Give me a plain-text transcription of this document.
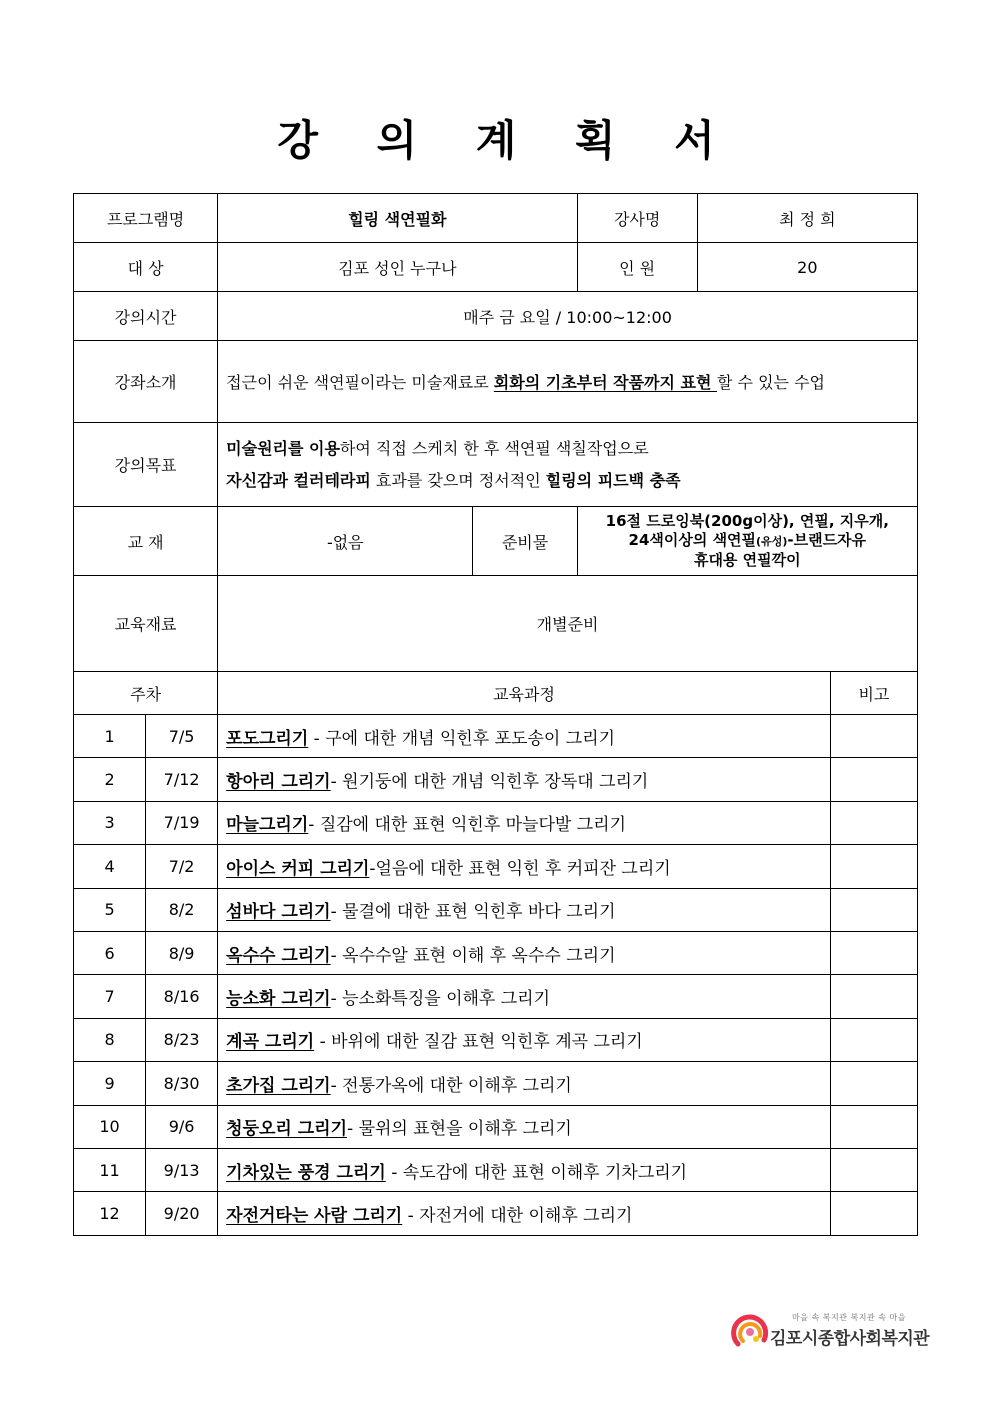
강 의 계 획 서
프로그램명		힐링 색연필화		강사명	최 정 희	
대 상		김포 성인 누구나		인 원	20	
강의시간		매주 금 요일 / 10:00~12:00				
강좌소개		접근이 쉬운 색연필이라는 미술재료로 회화의 기초부터 작품까지 표현 할 수 있는 수업				
강의목표		미술원리를 이용하여 직접 스케치 한 후 색연필 색칠작업으로
자신감과 컬러테라피 효과를 갖으며 정서적인 힐링의 피드백 충족				

교 재		-없음	준비물	16절 드로잉북(200g이상), 연필, 지우개,
24색이상의 색연필(유성)-브랜드자유
휴대용 연필깍이		

교육재료		개별준비				
주차		교육과정				비고
1	7/5	포도그리기 - 구에 대한 개념 익힌후 포도송이 그리기				
2	7/12	항아리 그리기- 원기둥에 대한 개념 익힌후 장독대 그리기				
3	7/19	마늘그리기- 질감에 대한 표현 익힌후 마늘다발 그리기				
4	7/2	아이스 커피 그리기-얼음에 대한 표현 익힌 후 커피잔 그리기				
5	8/2	섬바다 그리기- 물결에 대한 표현 익힌후 바다 그리기				
6	8/9	옥수수 그리기- 옥수수알 표현 이해 후 옥수수 그리기				
7	8/16	능소화 그리기- 능소화특징을 이해후 그리기				
8	8/23	계곡 그리기 - 바위에 대한 질감 표현 익힌후 계곡 그리기				
9	8/30	초가집 그리기- 전통가옥에 대한 이해후 그리기				
10	9/6	청둥오리 그리기- 물위의 표현을 이해후 그리기				
11	9/13	기차있는 풍경 그리기 - 속도감에 대한 표현 이해후 기차그리기				
12	9/20	자전거타는 사람 그리기 - 자전거에 대한 이해후 그리기				
마을 속 복지관 복지관 속 마을
김포시종합사회복지관
